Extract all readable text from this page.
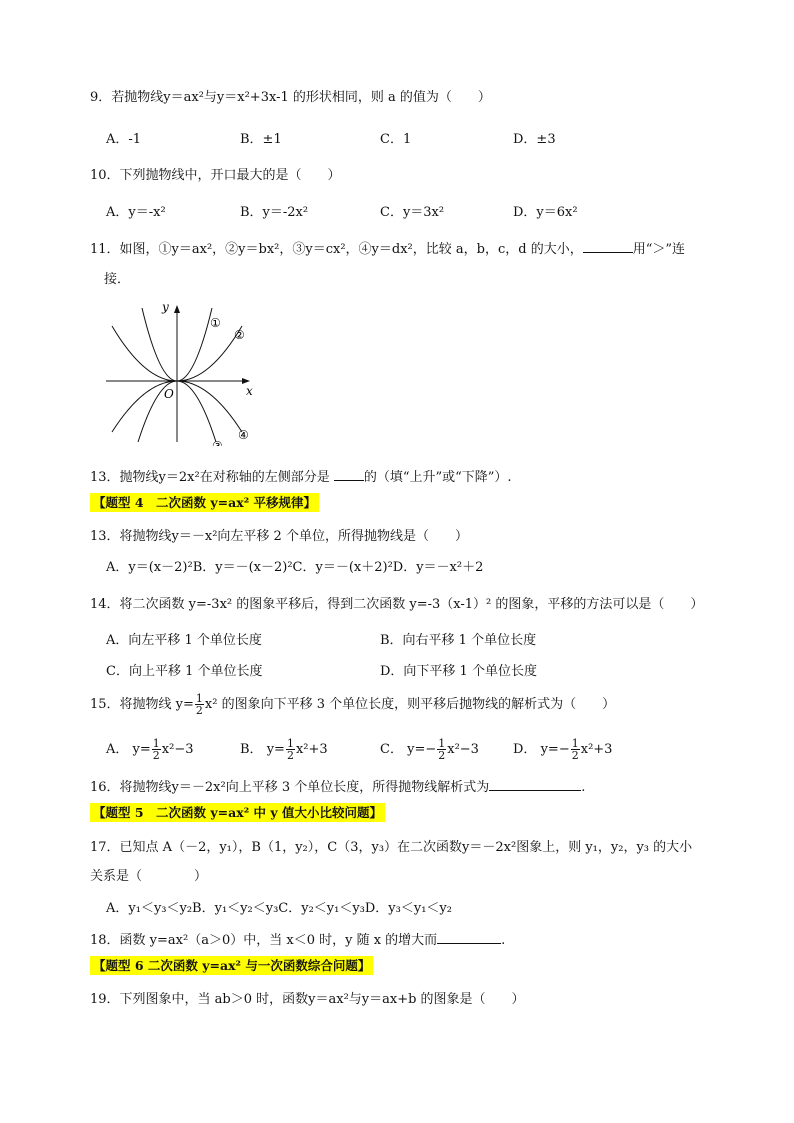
9．若抛物线y＝ax²与y＝x²+3x-1 的形状相同，则 a 的值为（　　）
A．-1	B．±1	C．1	D．±3
10．下列抛物线中，开口最大的是（　　）
A．y＝-x²	B．y＝-2x²	C．y＝3x²	D．y＝6x²
11．如图，①y＝ax²，②y＝bx²，③y＝cx²，④y＝dx²，比较 a，b，c，d 的大小，	用“＞”连
接．
y
x
O
①
②
③
④
13．抛物线y＝2x²在对称轴的左侧部分是	的（填“上升”或“下降”）.
【题型 4　二次函数 y=ax² 平移规律】
13．将抛物线y＝－x²向左平移 2 个单位，所得抛物线是（　　）
A．y＝(x－2)²B．y＝－(x－2)²C．y＝－(x＋2)²D．y＝－x²＋2
14．将二次函数 y=-3x² 的图象平移后，得到二次函数 y=-3（x-1）² 的图象，平移的方法可以是（　　）
A．向左平移 1 个单位长度	B．向右平移 1 个单位长度
C．向上平移 1 个单位长度	D．向下平移 1 个单位长度
15．将抛物线 $y= \frac{1}{2} x^2$ 的图象向下平移 3 个单位长度，则平移后抛物线的解析式为（　　）
A． $y= \frac{1}{2} x^2-3$	B． $y= \frac{1}{2} x^2+3$	C． $y=- \frac{1}{2} x^2-3$	D． $y=- \frac{1}{2} x^2+3$
16．将抛物线y＝－2x²向上平移 3 个单位长度，所得抛物线解析式为	.
【题型 5　二次函数 y=ax² 中 y 值大小比较问题】
17．已知点 A（－2，y₁），B（1，y₂），C（3，y₃）在二次函数y＝－2x²图象上，则 y₁，y₂，y₃ 的大小
关系是（　　　　）
A．y₁＜y₃＜y₂B．y₁＜y₂＜y₃C．y₂＜y₁＜y₃D．y₃＜y₁＜y₂
18．函数 y=ax²（a＞0）中，当 x＜0 时，y 随 x 的增大而	.
【题型 6 二次函数 y=ax² 与一次函数综合问题】
19．下列图象中，当 ab＞0 时，函数y＝ax²与y＝ax+b 的图象是（　　）
